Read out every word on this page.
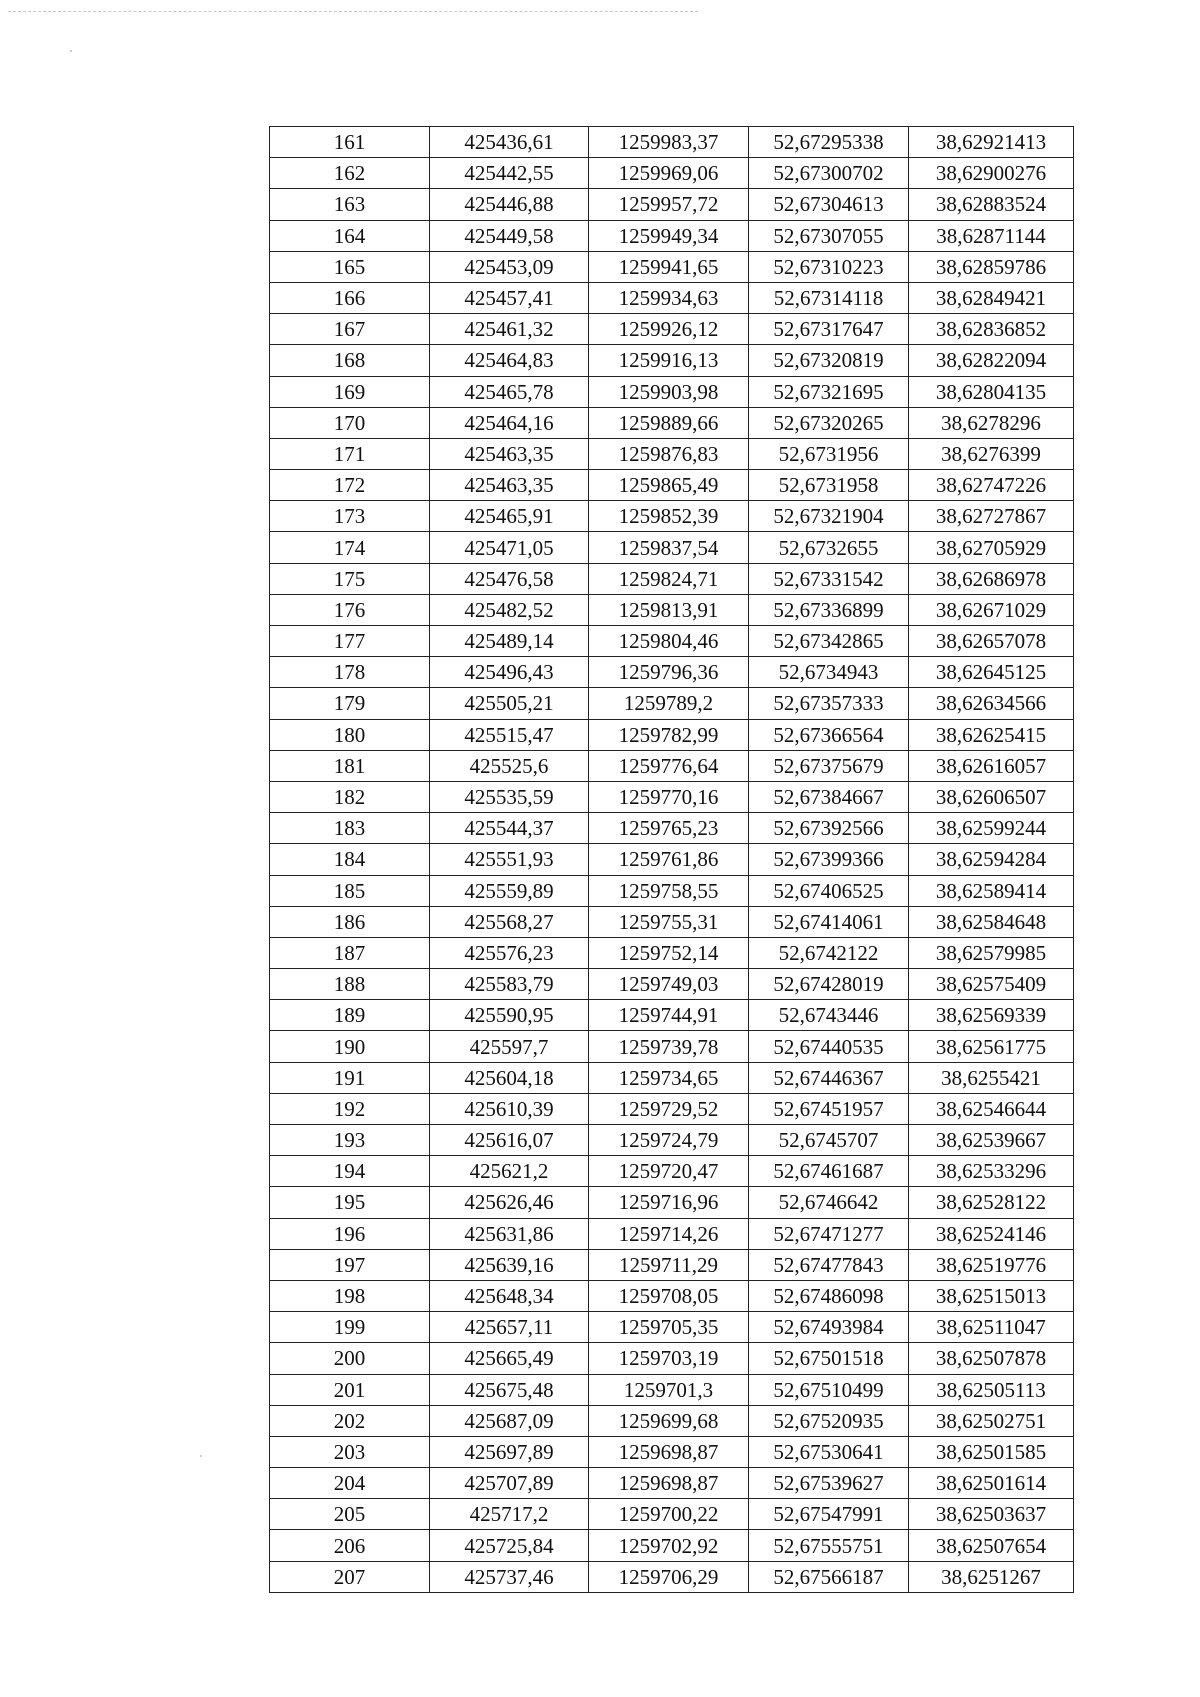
161	425436,61	1259983,37	52,67295338	38,62921413
162	425442,55	1259969,06	52,67300702	38,62900276
163	425446,88	1259957,72	52,67304613	38,62883524
164	425449,58	1259949,34	52,67307055	38,62871144
165	425453,09	1259941,65	52,67310223	38,62859786
166	425457,41	1259934,63	52,67314118	38,62849421
167	425461,32	1259926,12	52,67317647	38,62836852
168	425464,83	1259916,13	52,67320819	38,62822094
169	425465,78	1259903,98	52,67321695	38,62804135
170	425464,16	1259889,66	52,67320265	38,6278296
171	425463,35	1259876,83	52,6731956	38,6276399
172	425463,35	1259865,49	52,6731958	38,62747226
173	425465,91	1259852,39	52,67321904	38,62727867
174	425471,05	1259837,54	52,6732655	38,62705929
175	425476,58	1259824,71	52,67331542	38,62686978
176	425482,52	1259813,91	52,67336899	38,62671029
177	425489,14	1259804,46	52,67342865	38,62657078
178	425496,43	1259796,36	52,6734943	38,62645125
179	425505,21	1259789,2	52,67357333	38,62634566
180	425515,47	1259782,99	52,67366564	38,62625415
181	425525,6	1259776,64	52,67375679	38,62616057
182	425535,59	1259770,16	52,67384667	38,62606507
183	425544,37	1259765,23	52,67392566	38,62599244
184	425551,93	1259761,86	52,67399366	38,62594284
185	425559,89	1259758,55	52,67406525	38,62589414
186	425568,27	1259755,31	52,67414061	38,62584648
187	425576,23	1259752,14	52,6742122	38,62579985
188	425583,79	1259749,03	52,67428019	38,62575409
189	425590,95	1259744,91	52,6743446	38,62569339
190	425597,7	1259739,78	52,67440535	38,62561775
191	425604,18	1259734,65	52,67446367	38,6255421
192	425610,39	1259729,52	52,67451957	38,62546644
193	425616,07	1259724,79	52,6745707	38,62539667
194	425621,2	1259720,47	52,67461687	38,62533296
195	425626,46	1259716,96	52,6746642	38,62528122
196	425631,86	1259714,26	52,67471277	38,62524146
197	425639,16	1259711,29	52,67477843	38,62519776
198	425648,34	1259708,05	52,67486098	38,62515013
199	425657,11	1259705,35	52,67493984	38,62511047
200	425665,49	1259703,19	52,67501518	38,62507878
201	425675,48	1259701,3	52,67510499	38,62505113
202	425687,09	1259699,68	52,67520935	38,62502751
203	425697,89	1259698,87	52,67530641	38,62501585
204	425707,89	1259698,87	52,67539627	38,62501614
205	425717,2	1259700,22	52,67547991	38,62503637
206	425725,84	1259702,92	52,67555751	38,62507654
207	425737,46	1259706,29	52,67566187	38,6251267
